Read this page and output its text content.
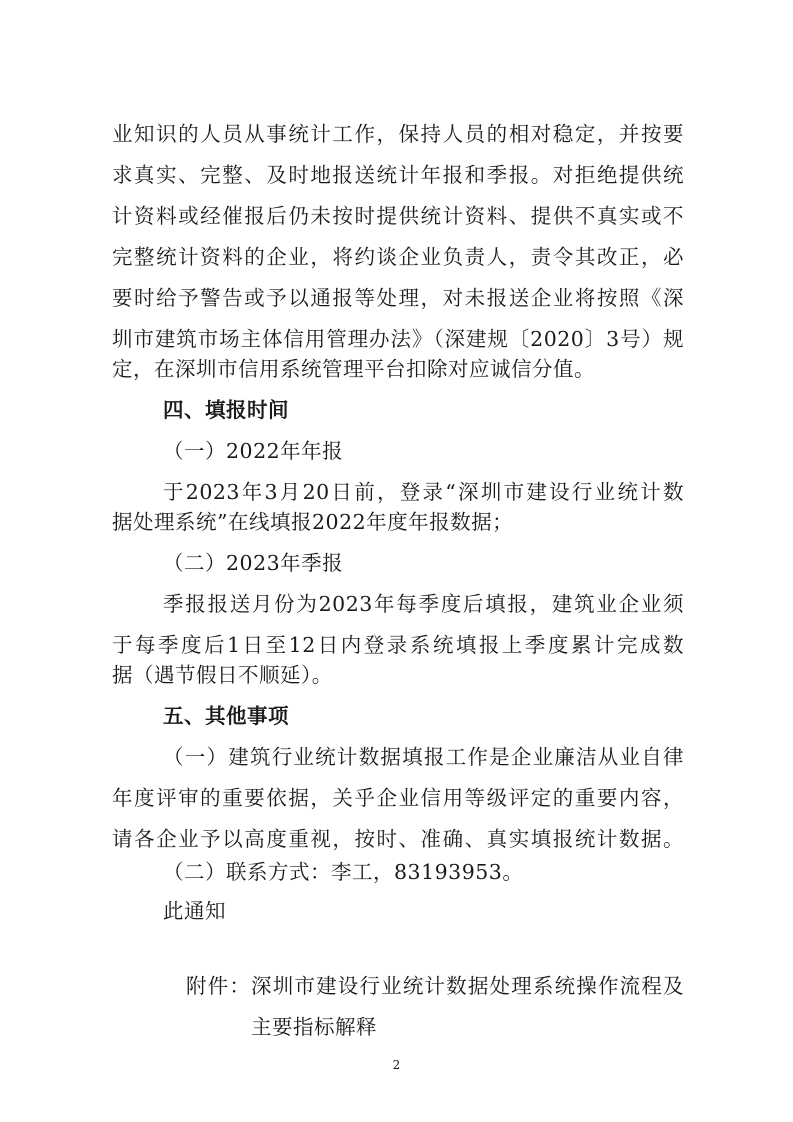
业知识的人员从事统计工作，保持人员的相对稳定，并按要
求真实、完整、及时地报送统计年报和季报。对拒绝提供统
计资料或经催报后仍未按时提供统计资料、提供不真实或不
完整统计资料的企业，将约谈企业负责人，责令其改正，必
要时给予警告或予以通报等处理，对未报送企业将按照《深
圳市建筑市场主体信用管理办法》（深建规〔2020〕3号）规
定，在深圳市信用系统管理平台扣除对应诚信分值。
四、填报时间
（一）2022年年报
于2023年3月20日前，登录“深圳市建设行业统计数
据处理系统”在线填报2022年度年报数据；
（二）2023年季报
季报报送月份为2023年每季度后填报，建筑业企业须
于每季度后1日至12日内登录系统填报上季度累计完成数
据（遇节假日不顺延）。
五、其他事项
（一）建筑行业统计数据填报工作是企业廉洁从业自律
年度评审的重要依据，关乎企业信用等级评定的重要内容，
请各企业予以高度重视，按时、准确、真实填报统计数据。
（二）联系方式：李工，83193953。
此通知
附件：深圳市建设行业统计数据处理系统操作流程及
主要指标解释
2
